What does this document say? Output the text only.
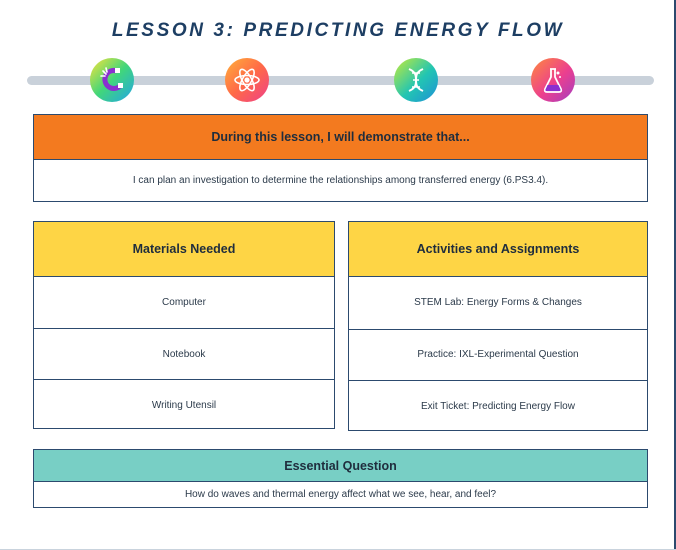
LESSON 3: PREDICTING ENERGY FLOW
During this lesson, I will demonstrate that...
I can plan an investigation to determine the relationships among transferred energy (6.PS3.4).
Materials Needed
Computer
Notebook
Writing Utensil
Activities and Assignments
STEM Lab: Energy Forms & Changes
Practice: IXL-Experimental Question
Exit Ticket: Predicting Energy Flow
Essential Question
How do waves and thermal energy affect what we see, hear, and feel?
